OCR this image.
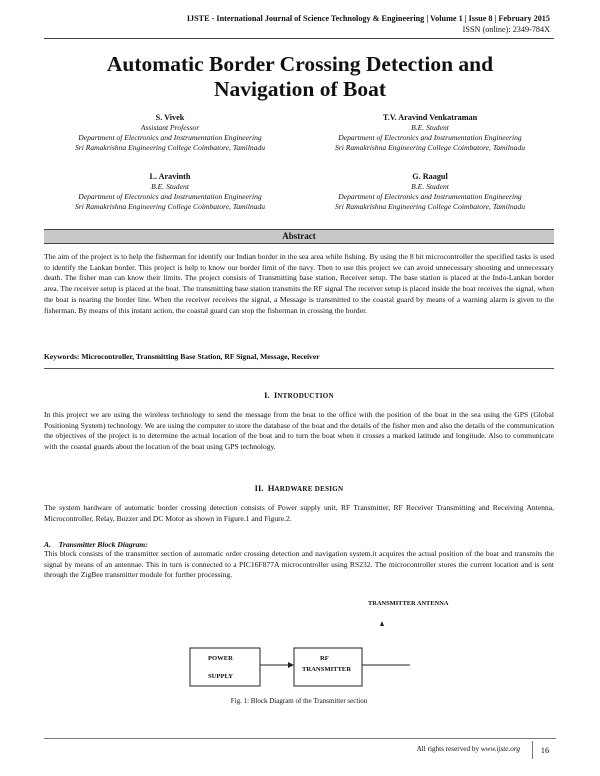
IJSTE - International Journal of Science Technology & Engineering | Volume 1 | Issue 8 | February 2015
ISSN (online): 2349-784X
Automatic Border Crossing Detection and
Navigation of Boat
S. Vivek
Assistant Professor
Department of Electronics and Instrumentation Engineering
Sri Ramakrishna Engineering College Coimbatore, Tamilnadu
T.V. Aravind Venkatraman
B.E. Student
Department of Electronics and Instrumentation Engineering
Sri Ramakrishna Engineering College Coimbatore, Tamilnadu
L. Aravinth
B.E. Student
Department of Electronics and Instrumentation Engineering
Sri Ramakrishna Engineering College Coimbatore, Tamilnadu
G. Raagul
B.E. Student
Department of Electronics and Instrumentation Engineering
Sri Ramakrishna Engineering College Coimbatore, Tamilnadu
Abstract
The aim of the project is to help the fisherman for identify our Indian border in the sea area while fishing. By using the 8 bit microcontroller the specified tasks is used to identify the Lankan border. This project is help to know our border limit of the navy. Then to use this project we can avoid unnecessary shooting and unnecessary death. The fisher man can know their limits. The project consists of Transmitting base station, Receiver setup. The base station is placed at the Indo-Lankan border area. The receiver setup is placed at the boat. The transmitting base station transmits the RF signal The receiver setup is placed inside the boat receives the signal, when the boat is nearing the border line. When the receiver receives the signal, a Message is transmitted to the coastal guard by means of a warning alarm is given to the fisherman. By means of this instant action, the coastal guard can stop the fisherman in crossing the border.
Keywords: Microcontroller, Transmitting Base Station, RF Signal, Message, Receiver
I. INTRODUCTION
In this project we are using the wireless technology to send the message from the boat to the office with the position of the boat in the sea using the GPS (Global Positioning System) technology. We are using the computer to store the database of the boat and the details of the fisher men and also the details of the communication the objectives of the project is to determine the actual location of the boat and to turn the boat when it crosses a marked latitude and longitude. Also to communicate with the coastal guards about the location of the boat using GPS technology.
II. HARDWARE DESIGN
The system hardware of automatic border crossing detection consists of Power supply unit, RF Transmitter, RF Receiver Transmitting and Receiving Antenna, Microcontroller, Relay, Buzzer and DC Motor as shown in Figure.1 and Figure.2.
A. Transmitter Block Diagram:
This block consists of the transmitter section of automatic order crossing detection and navigation system.it acquires the actual position of the boat and transmits the signal by means of an antennae. This in turn is connected to a PIC16F877A microcontroller using RS232. The microcontroller stores the current location and is sent through the ZigBee transmitter module for further processing.
TRANSMITTER ANTENNA
POWER
SUPPLY
RF
TRANSMITTER
Fig. 1: Block Diagram of the Transmitter section
All rights reserved by www.ijste.org	16
